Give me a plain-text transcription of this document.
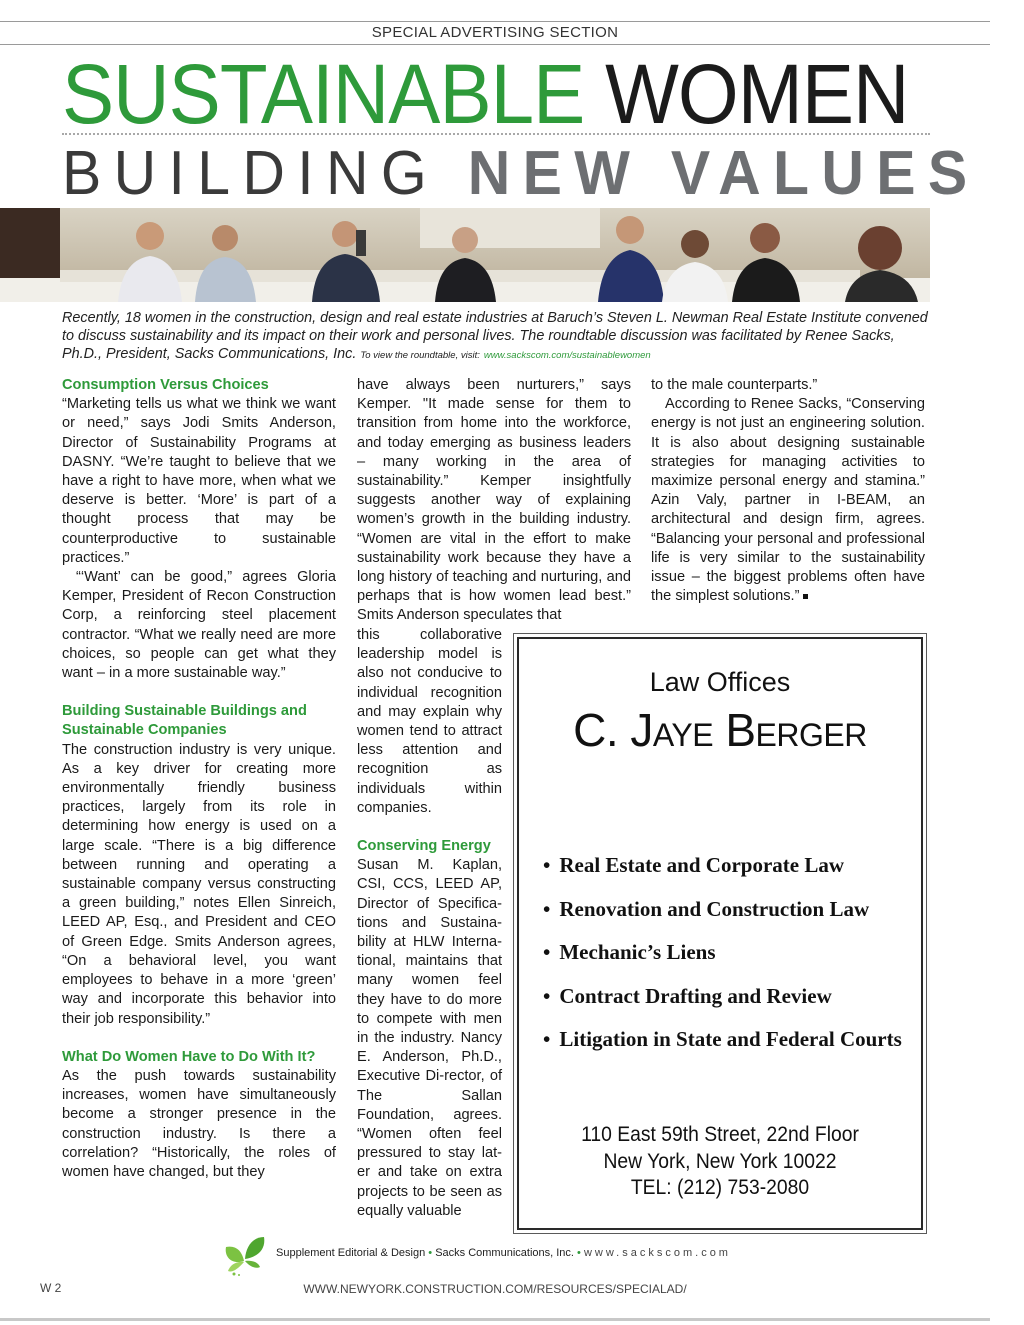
SPECIAL ADVERTISING SECTION
SUSTAINABLE WOMEN
BUILDING NEW VALUES

Recently, 18 women in the construction, design and real estate industries at Baruch’s Steven L. Newman Real Estate Institute convened to discuss sustainability and its impact on their work and personal lives. The roundtable discussion was facilitated by Renee Sacks, Ph.D., President, Sacks Communications, Inc. To view the roundtable, visit: www.sackscom.com/sustainablewomen

Consumption Versus Choices

“Marketing tells us what we think we want or need,” says Jodi Smits Anderson, Director of Sustainability Programs at DASNY. “We’re taught to believe that we have a right to have more, when what we deserve is better. ‘More’ is part of a thought process that may be counterproductive to sustainable practices.”

“‘Want’ can be good,” agrees Gloria Kemper, President of Recon Construction Corp, a reinforcing steel placement contractor. “What we really need are more choices, so people can get what they want – in a more sustainable way.”

Building Sustainable Buildings and Sustainable Companies

The construction industry is very unique. As a key driver for creating more environmentally friendly business practices, largely from its role in determining how energy is used on a large scale. “There is a big difference between running and operating a sustainable company versus constructing a green building,” notes Ellen Sinreich, LEED AP, Esq., and President and CEO of Green Edge. Smits Anderson agrees, “On a behavioral level, you want employees to behave in a more ‘green’ way and incorporate this behavior into their job responsibility.”

What Do Women Have to Do With It?

As the push towards sustainability increases, women have simultaneously become a stronger presence in the construction industry. Is there a correlation? “Historically, the roles of women have changed, but they

have always been nurturers,” says Kemper. "It made sense for them to transition from home into the workforce, and today emerging as business leaders – many working in the area of sustainability.” Kemper insightfully suggests another way of explaining women’s growth in the building industry. “Women are vital in the effort to make sustainability work because they have a long history of teaching and nurturing, and perhaps that is how women lead best.” Smits Anderson speculates that

this collaborative leadership model is also not conducive to individual recognition and may explain why women tend to attract less attention and recognition as individuals within companies.

Conserving Energy

Susan M. Kaplan, CSI, CCS, LEED AP, Director of Specifica-tions and Sustaina-bility at HLW Interna-tional, maintains that many women feel they have to do more to compete with men in the industry. Nancy E. Anderson, Ph.D., Executive Di-rector, of The Sallan Foundation, agrees. “Women often feel pressured to stay lat-er and take on extra projects to be seen as equally valuable

to the male counterparts.”

According to Renee Sacks, “Conserving energy is not just an engineering solution. It is also about designing sustainable strategies for managing activities to maximize personal energy and stamina.” Azin Valy, partner in I-BEAM, an architectural and design firm, agrees. “Balancing your personal and professional life is very similar to the sustainability issue – the biggest problems often have the simplest solutions.”

Law Offices
C. Jaye Berger
• Real Estate and Corporate Law
• Renovation and Construction Law
• Mechanic’s Liens
• Contract Drafting and Review
• Litigation in State and Federal Courts
110 East 59th Street, 22nd Floor
New York, New York 10022
TEL: (212) 753-2080
Supplement Editorial & Design • Sacks Communications, Inc. • www.sackscom.com
W 2	WWW.NEWYORK.CONSTRUCTION.COM/RESOURCES/SPECIALAD/
